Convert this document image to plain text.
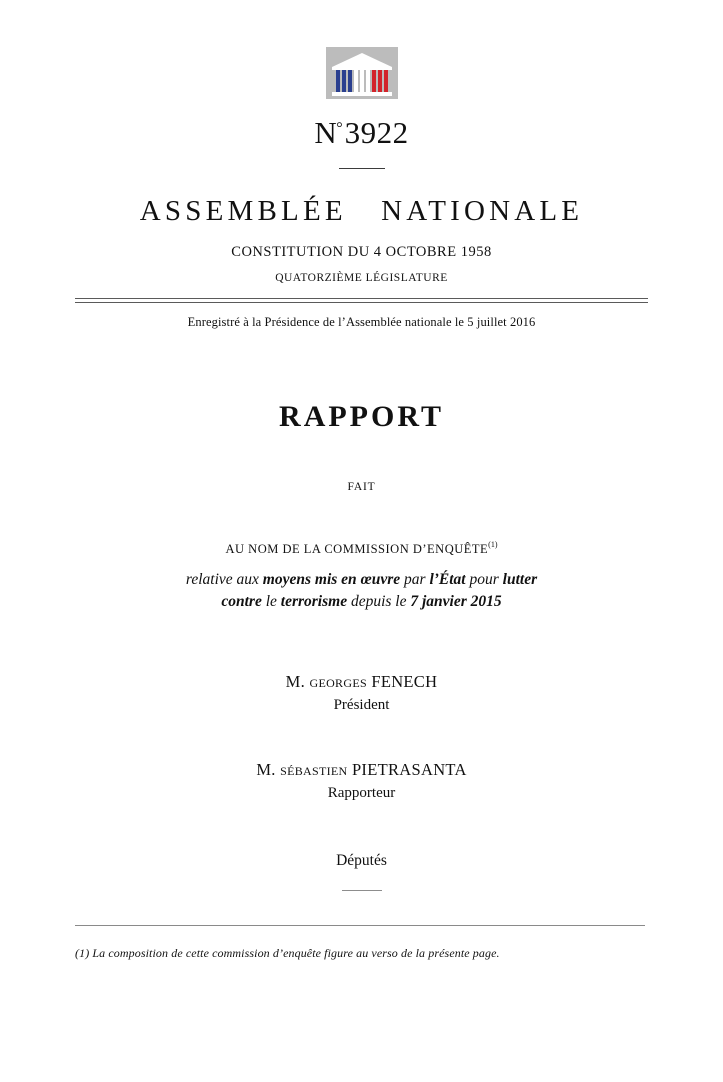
N°3922
ASSEMBLÉE   NATIONALE
CONSTITUTION DU 4 OCTOBRE 1958
QUATORZIÈME LÉGISLATURE
Enregistré à la Présidence de l’Assemblée nationale le 5 juillet 2016
RAPPORT
FAIT
AU NOM DE LA COMMISSION D’ENQUÊTE$^{(1)}$
relative aux moyens mis en œuvre par l’État pour lutter
contre le terrorisme depuis le 7 janvier 2015
M. georges FENECH
Président
M. sébastien PIETRASANTA
Rapporteur
Députés
(1) La composition de cette commission d’enquête figure au verso de la présente page.
